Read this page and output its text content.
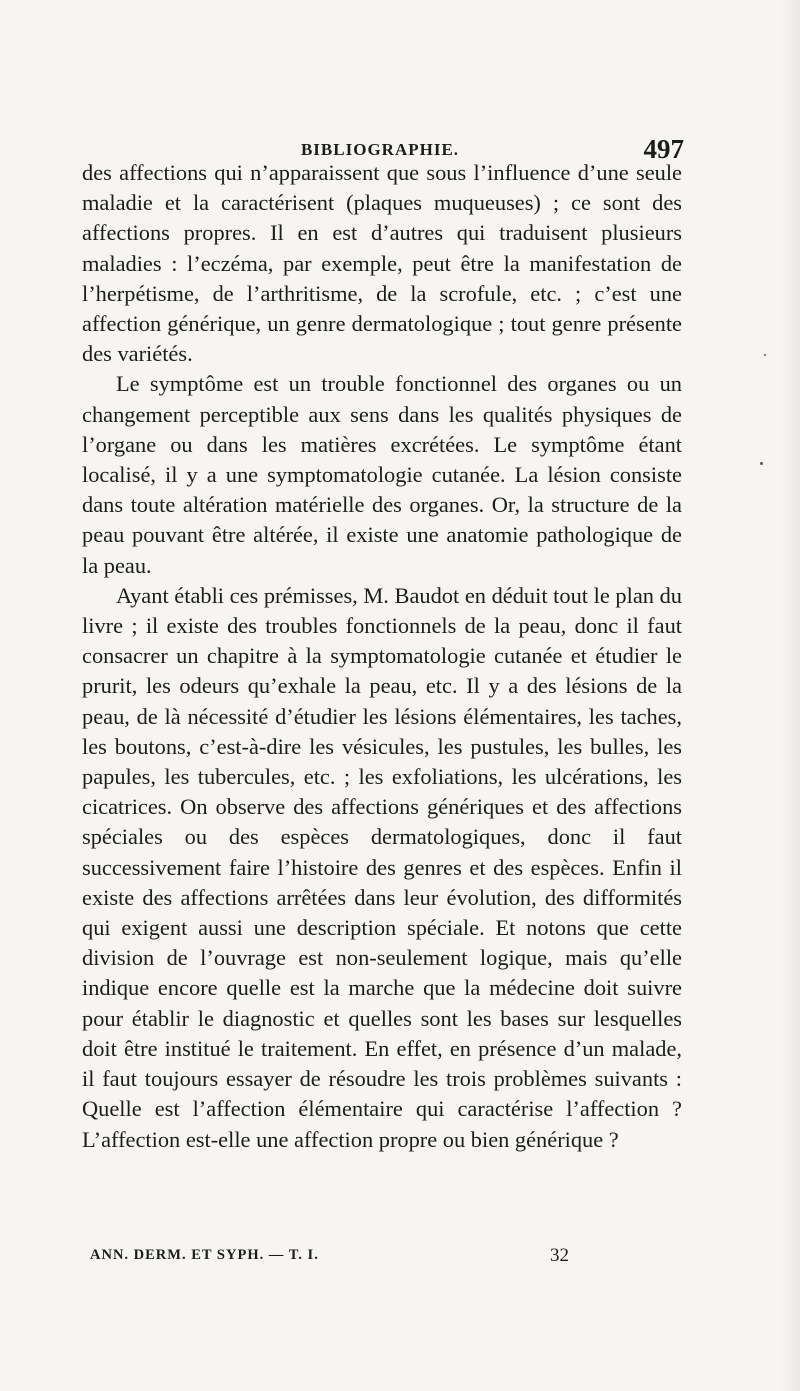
BIBLIOGRAPHIE.	497

des affections qui n’apparaissent que sous l’influence d’une seule maladie et la caractérisent (plaques muqueuses) ; ce sont des affections propres. Il en est d’autres qui traduisent plusieurs maladies : l’eczéma, par exemple, peut être la manifestation de l’herpétisme, de l’arthritisme, de la scrofule, etc. ; c’est une affection générique, un genre dermatologique ; tout genre présente des variétés.

Le symptôme est un trouble fonctionnel des organes ou un changement perceptible aux sens dans les qualités physiques de l’organe ou dans les matières excrétées. Le symptôme étant localisé, il y a une symptomatologie cutanée. La lésion consiste dans toute altération matérielle des organes. Or, la structure de la peau pouvant être altérée, il existe une anatomie pathologique de la peau.

Ayant établi ces prémisses, M. Baudot en déduit tout le plan du livre ; il existe des troubles fonctionnels de la peau, donc il faut consacrer un chapitre à la symptomatologie cutanée et étudier le prurit, les odeurs qu’exhale la peau, etc. Il y a des lésions de la peau, de là nécessité d’étudier les lésions élémentaires, les taches, les boutons, c’est-à-dire les vésicules, les pustules, les bulles, les papules, les tubercules, etc. ; les exfoliations, les ulcérations, les cicatrices. On observe des affections génériques et des affections spéciales ou des espèces dermatologiques, donc il faut successivement faire l’histoire des genres et des espèces. Enfin il existe des affections arrêtées dans leur évolution, des difformités qui exigent aussi une description spéciale. Et notons que cette division de l’ouvrage est non-seulement logique, mais qu’elle indique encore quelle est la marche que la médecine doit suivre pour établir le diagnostic et quelles sont les bases sur lesquelles doit être institué le traitement. En effet, en présence d’un malade, il faut toujours essayer de résoudre les trois problèmes suivants : Quelle est l’affection élémentaire qui caractérise l’affection ? L’affection est-elle une affection propre ou bien générique ?

ANN. DERM. ET SYPH. — T. I.	32
